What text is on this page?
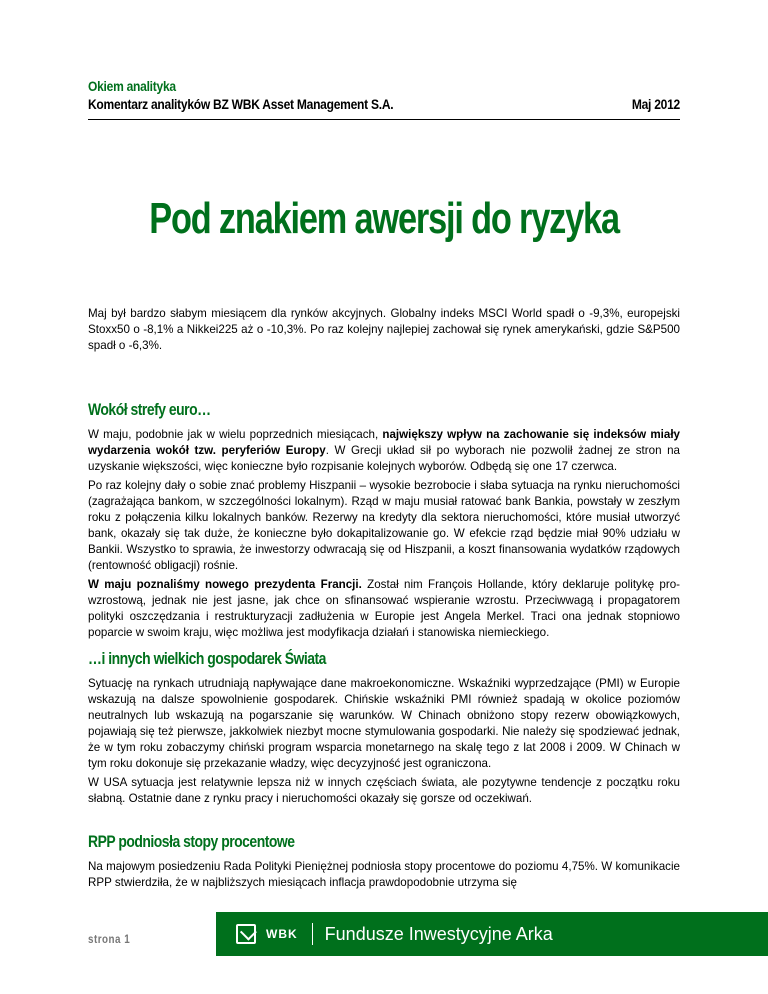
Okiem analityka
Komentarz analityków BZ WBK Asset Management S.A.	Maj 2012
Pod znakiem awersji do ryzyka

Maj był bardzo słabym miesiącem dla rynków akcyjnych. Globalny indeks MSCI World spadł o -9,3%, europejski Stoxx50 o -8,1% a Nikkei225 aż o -10,3%. Po raz kolejny najlepiej zachował się rynek amerykański, gdzie S&P500 spadł o -6,3%.

Wokół strefy euro…

W maju, podobnie jak w wielu poprzednich miesiącach, największy wpływ na zachowanie się indeksów miały wydarzenia wokół tzw. peryferiów Europy. W Grecji układ sił po wyborach nie pozwolił żadnej ze stron na uzyskanie większości, więc konieczne było rozpisanie kolejnych wyborów. Odbędą się one 17 czerwca.

Po raz kolejny dały o sobie znać problemy Hiszpanii – wysokie bezrobocie i słaba sytuacja na rynku nieruchomości (zagrażająca bankom, w szczególności lokalnym). Rząd w maju musiał ratować bank Bankia, powstały w zeszłym roku z połączenia kilku lokalnych banków. Rezerwy na kredyty dla sektora nieruchomości, które musiał utworzyć bank, okazały się tak duże, że konieczne było dokapitalizowanie go. W efekcie rząd będzie miał 90% udziału w Bankii. Wszystko to sprawia, że inwestorzy odwracają się od Hiszpanii, a koszt finansowania wydatków rządowych (rentowność obligacji) rośnie.

W maju poznaliśmy nowego prezydenta Francji. Został nim François Hollande, który deklaruje politykę pro-wzrostową, jednak nie jest jasne, jak chce on sfinansować wspieranie wzrostu. Przeciwwagą i propagatorem polityki oszczędzania i restrukturyzacji zadłużenia w Europie jest Angela Merkel. Traci ona jednak stopniowo poparcie w swoim kraju, więc możliwa jest modyfikacja działań i stanowiska niemieckiego.

…i innych wielkich gospodarek Świata

Sytuację na rynkach utrudniają napływające dane makroekonomiczne. Wskaźniki wyprzedzające (PMI) w Europie wskazują na dalsze spowolnienie gospodarek. Chińskie wskaźniki PMI również spadają w okolice poziomów neutralnych lub wskazują na pogarszanie się warunków. W Chinach obniżono stopy rezerw obowiązkowych, pojawiają się też pierwsze, jakkolwiek niezbyt mocne stymulowania gospodarki. Nie należy się spodziewać jednak, że w tym roku zobaczymy chiński program wsparcia monetarnego na skalę tego z lat 2008 i 2009. W Chinach w tym roku dokonuje się przekazanie władzy, więc decyzyjność jest ograniczona.

W USA sytuacja jest relatywnie lepsza niż w innych częściach świata, ale pozytywne tendencje z początku roku słabną. Ostatnie dane z rynku pracy i nieruchomości okazały się gorsze od oczekiwań.

RPP podniosła stopy procentowe

Na majowym posiedzeniu Rada Polityki Pieniężnej podniosła stopy procentowe do poziomu 4,75%. W komunikacie RPP stwierdziła, że w najbliższych miesiącach inflacja prawdopodobnie utrzyma się

strona 1	WBK Fundusze Inwestycyjne Arka
